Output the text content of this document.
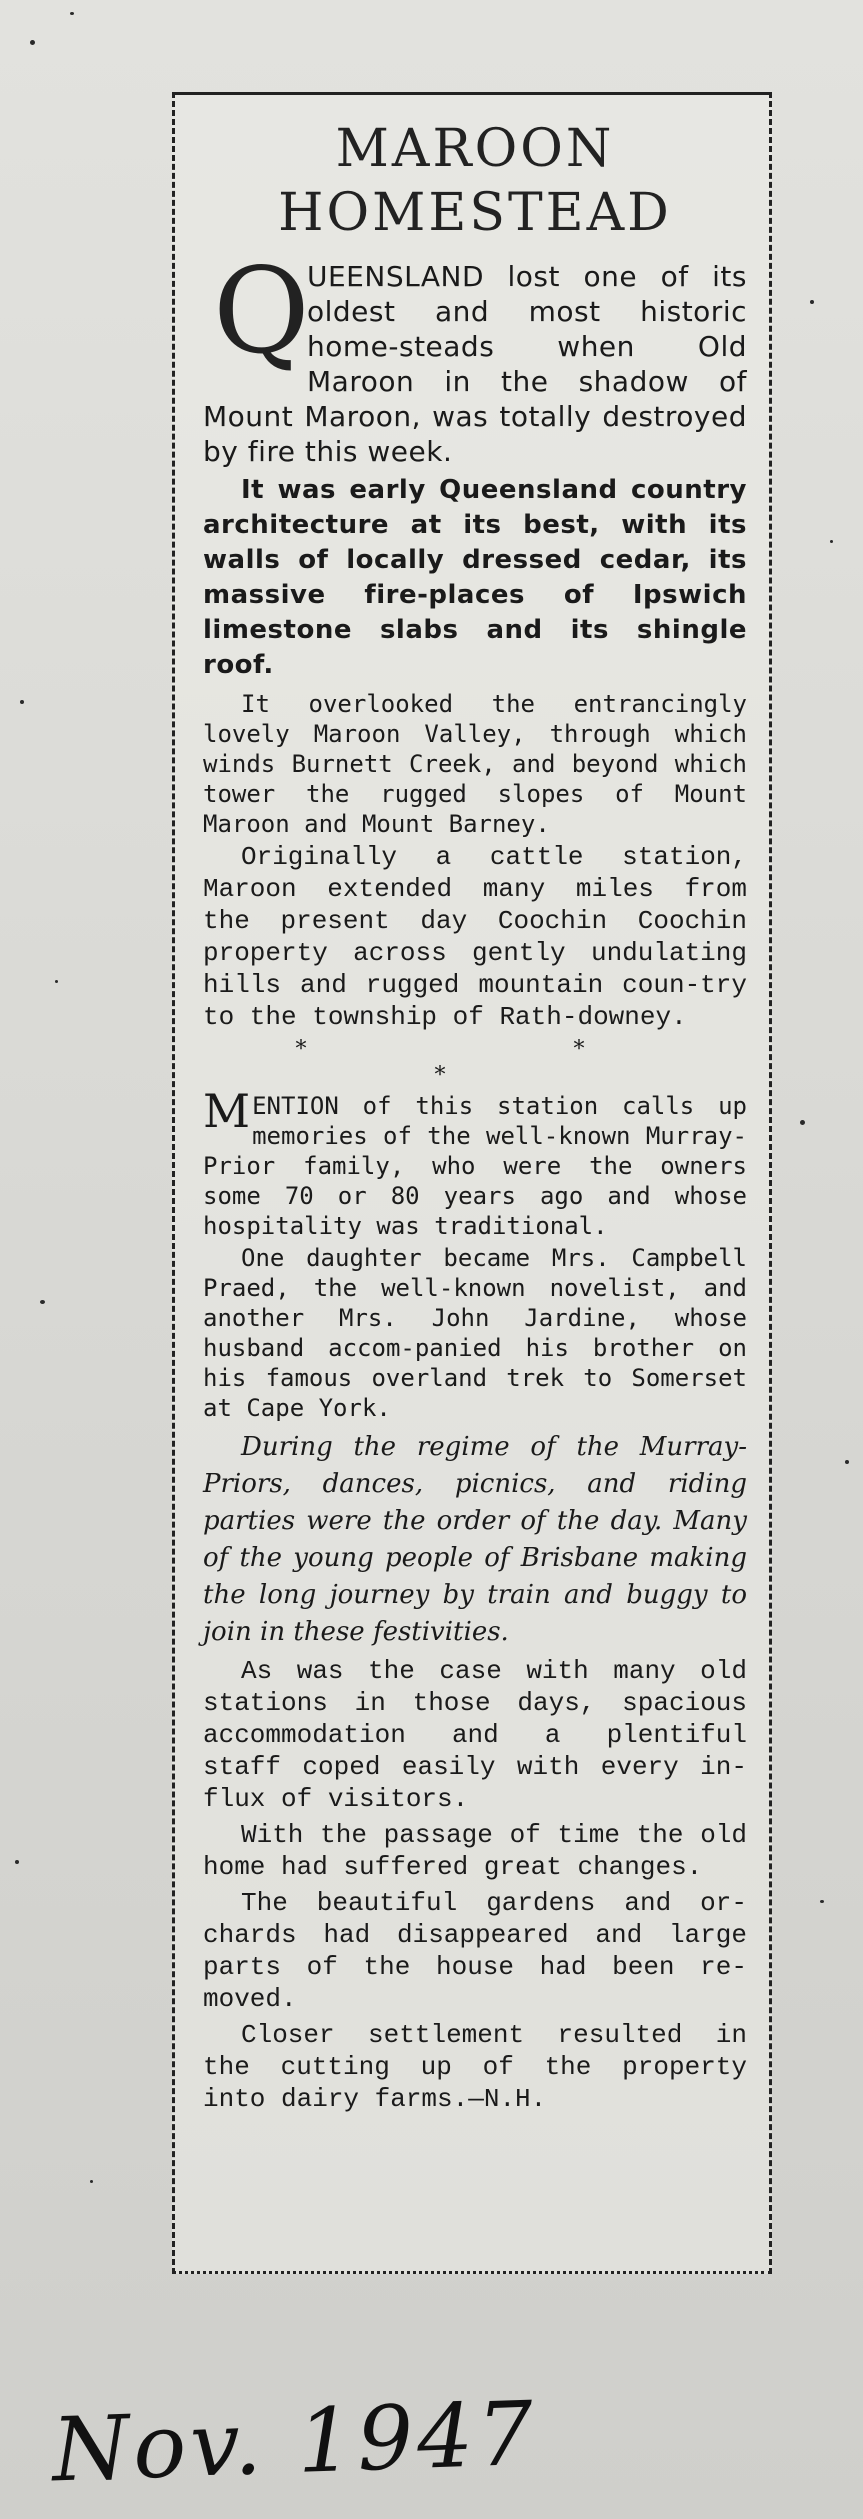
MAROON
HOMESTEAD
Q

UEENSLAND lost one of its oldest and most historic home-steads when Old Maroon in the shadow of Mount Maroon, was totally destroyed by fire this week.

It was early Queensland country architecture at its best, with its walls of locally dressed cedar, its massive fire-places of Ipswich limestone slabs and its shingle roof.

It overlooked the entrancingly lovely Maroon Valley, through which winds Burnett Creek, and beyond which tower the rugged slopes of Mount Maroon and Mount Barney.

Originally a cattle station, Maroon extended many miles from the present day Coochin Coochin property across gently undulating hills and rugged mountain coun-try to the township of Rath-downey.

* * *
M ENTION of this station calls up memories of the well-known Murray-Prior family, who were the owners some 70 or 80 years ago and whose hospitality was traditional.

One daughter became Mrs. Campbell Praed, the well-known novelist, and another Mrs. John Jardine, whose husband accom-panied his brother on his famous overland trek to Somerset at Cape York.

During the regime of the Murray-Priors, dances, picnics, and riding parties were the order of the day. Many of the young people of Brisbane making the long journey by train and buggy to join in these festivities.

As was the case with many old stations in those days, spacious accommodation and a plentiful staff coped easily with every in-flux of visitors.

With the passage of time the old home had suffered great changes.

The beautiful gardens and or-chards had disappeared and large parts of the house had been re-moved.

Closer settlement resulted in the cutting up of the property into dairy farms.—N.H.

Nov. 1947
